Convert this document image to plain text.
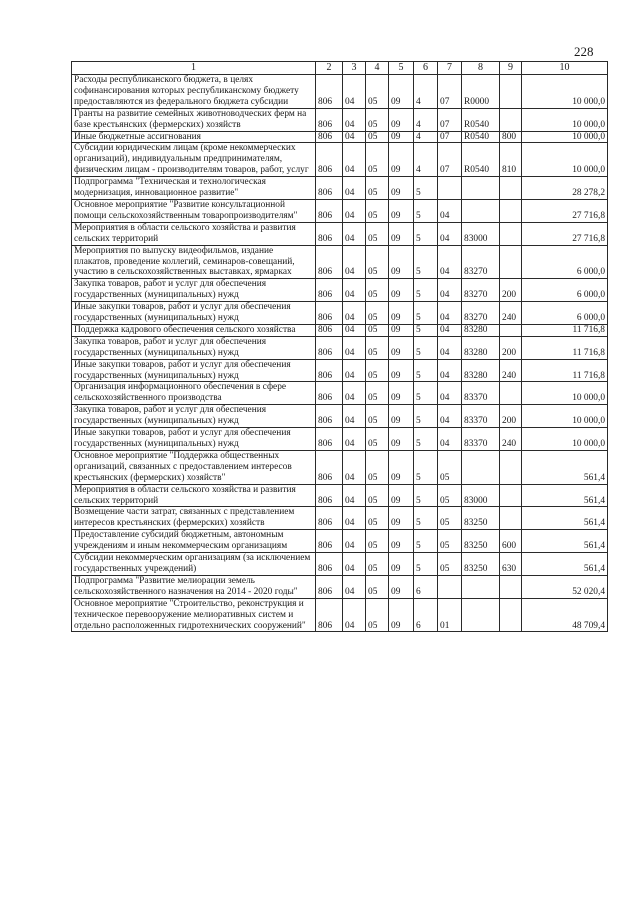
228
1	2	3	4	5	6	7	8	9	10
Расходы республиканского бюджета, в целях софинансирования которых республиканскому бюджету предоставляются из федерального бюджета субсидии	806	04	05	09	4	07	R0000		10 000,0
Гранты на развитие семейных животноводческих ферм на базе крестьянских (фермерских) хозяйств	806	04	05	09	4	07	R0540		10 000,0
Иные бюджетные ассигнования	806	04	05	09	4	07	R0540	800	10 000,0
Субсидии юридическим лицам (кроме некоммерческих организаций), индивидуальным предпринимателям, физическим лицам - производителям товаров, работ, услуг	806	04	05	09	4	07	R0540	810	10 000,0
Подпрограмма "Техническая и технологическая модернизация, инновационное развитие"	806	04	05	09	5				28 278,2
Основное мероприятие "Развитие консультационной помощи сельскохозяйственным товаропроизводителям"	806	04	05	09	5	04			27 716,8
Мероприятия в области сельского хозяйства и развития сельских территорий	806	04	05	09	5	04	83000		27 716,8
Мероприятия по выпуску видеофильмов, издание плакатов, проведение коллегий, семинаров-совещаний, участию в сельскохозяйственных выставках, ярмарках	806	04	05	09	5	04	83270		6 000,0
Закупка товаров, работ и услуг для обеспечения государственных (муниципальных) нужд	806	04	05	09	5	04	83270	200	6 000,0
Иные закупки товаров, работ и услуг для обеспечения государственных (муниципальных) нужд	806	04	05	09	5	04	83270	240	6 000,0
Поддержка кадрового обеспечения сельского хозяйства	806	04	05	09	5	04	83280		11 716,8
Закупка товаров, работ и услуг для обеспечения государственных (муниципальных) нужд	806	04	05	09	5	04	83280	200	11 716,8
Иные закупки товаров, работ и услуг для обеспечения государственных (муниципальных) нужд	806	04	05	09	5	04	83280	240	11 716,8
Организация информационного обеспечения в сфере сельскохозяйственного производства	806	04	05	09	5	04	83370		10 000,0
Закупка товаров, работ и услуг для обеспечения государственных (муниципальных) нужд	806	04	05	09	5	04	83370	200	10 000,0
Иные закупки товаров, работ и услуг для обеспечения государственных (муниципальных) нужд	806	04	05	09	5	04	83370	240	10 000,0
Основное мероприятие "Поддержка общественных организаций, связанных с предоставлением интересов крестьянских (фермерских) хозяйств"	806	04	05	09	5	05			561,4
Мероприятия в области сельского хозяйства и развития сельских территорий	806	04	05	09	5	05	83000		561,4
Возмещение части затрат, связанных с представлением интересов крестьянских (фермерских) хозяйств	806	04	05	09	5	05	83250		561,4
Предоставление субсидий бюджетным, автономным учреждениям и иным некоммерческим организациям	806	04	05	09	5	05	83250	600	561,4
Субсидии некоммерческим организациям (за исключением государственных учреждений)	806	04	05	09	5	05	83250	630	561,4
Подпрограмма "Развитие мелиорации земель сельскохозяйственного назначения на 2014 - 2020 годы"	806	04	05	09	6				52 020,4
Основное мероприятие "Строительство, реконструкция и техническое перевооружение мелиоративных систем и отдельно расположенных гидротехнических сооружений"	806	04	05	09	6	01			48 709,4
